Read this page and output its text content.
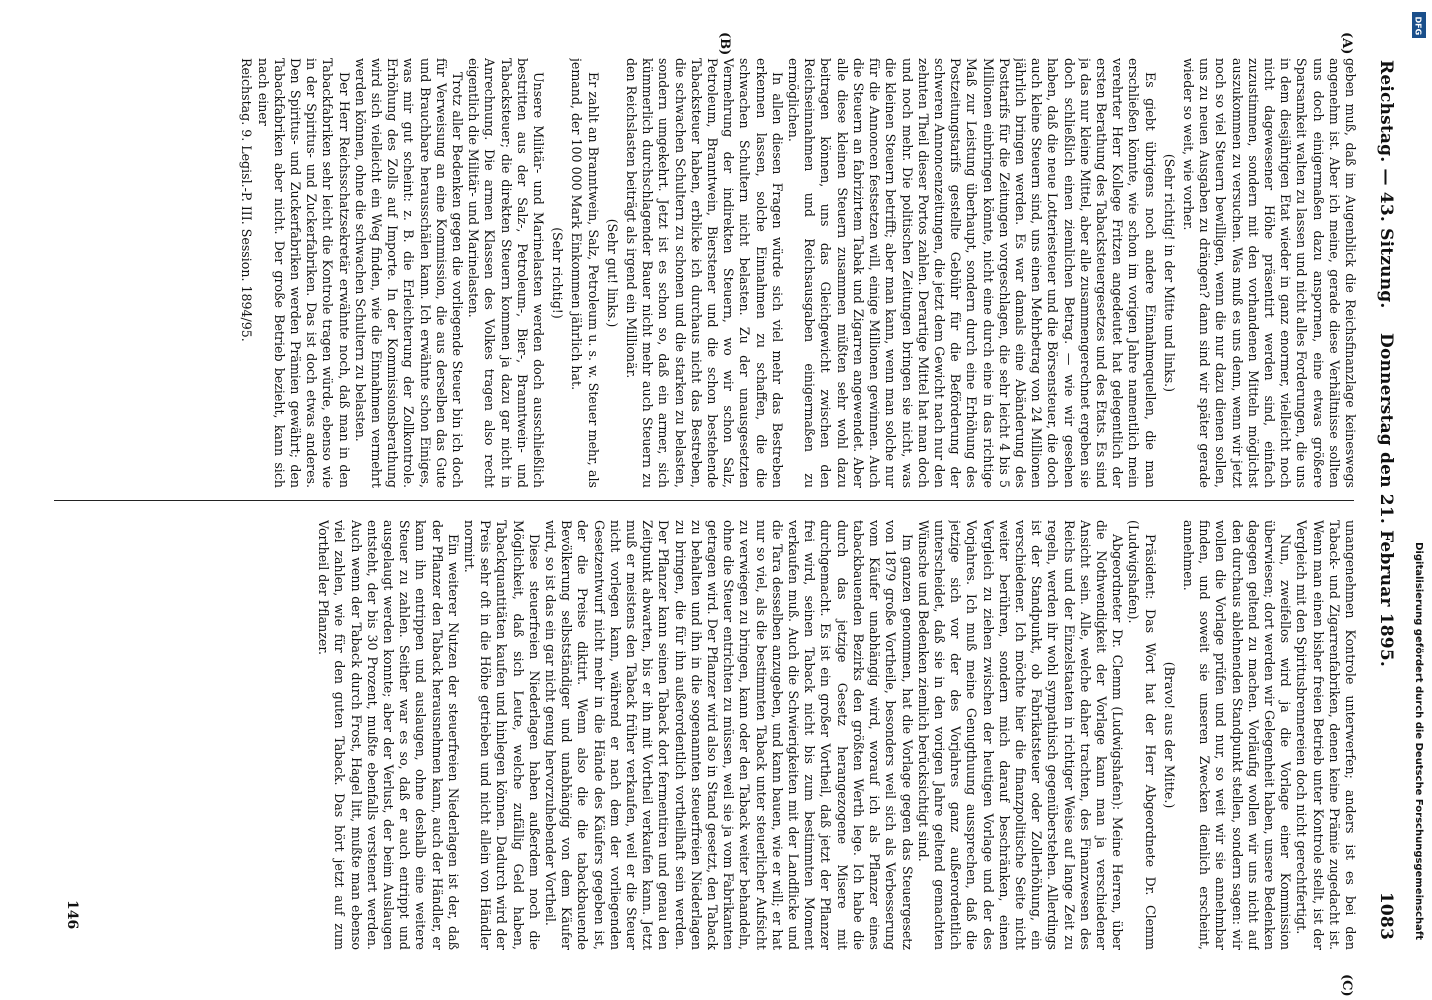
Reichstag. — 43. Sitzung.
Donnerstag den 21. Februar 1895.
1083
(A)
(B)
(C)

geben muß, daß im Augenblick die Reichsfinanzlage keineswegs angenehm ist. Aber ich meine, gerade diese Verhältnisse sollten uns doch einigermaßen dazu anspornen, eine etwas größere Sparsamkeit walten zu lassen und nicht alles Forderungen, die uns in dem diesjährigen Etat wieder in ganz enormer, vielleicht noch nicht dagewesener Höhe präsentirt werden sind, einfach zuzustimmen, sondern mit den vorhandenen Mitteln möglichst auszukommen zu versuchen. Was muß es uns denn, wenn wir jetzt noch so viel Steuern bewilligen, wenn die nur dazu dienen sollen, uns zu neuen Ausgaben zu drängen? dann sind wir später gerade wieder so weit, wie vorher.

(Sehr richtig! in der Mitte und links.)

Es giebt übrigens noch andere Einnahmequellen, die man erschließen könnte, wie schon im vorigen Jahre namentlich mein verehrter Herr Kollege Fritzen angedeutet hat gelegentlich der ersten Berathung des Tabacksteuergesetzes und des Etats. Es sind ja das nur kleine Mittel, aber alle zusammengerechnet ergeben sie doch schließlich einen ziemlichen Betrag. — wie wir gesehen haben, daß die neue Lotteriesteuer und die Börsensteuer, die doch auch kleine Steuern sind, uns einen Mehrbetrag von 24 Millionen jährlich bringen werden. Es war damals eine Abänderung des Posttarifs für die Zeitungen vorgeschlagen, die sehr leicht 4 bis 5 Millionen einbringen könnte, nicht eine durch eine in das richtige Maß zur Leistung überhaupt, sondern durch eine Erhöhung des Postzeitungstarifs gestellte Gebühr für die Beförderung der schweren Annoncenzeitungen, die jetzt dem Gewicht nach nur den zehnten Theil dieser Portos zahlen. Derartige Mittel hat man doch und noch mehr. Die politischen Zeitungen bringen sie nicht, was die kleinen Steuern betrifft; aber man kann, wenn man solche nur für die Annoncen festsetzen will, einige Millionen gewinnen. Auch die Steuern an fabrizirtem Tabak und Zigarren angewendet. Aber alle diese kleinen Steuern zusammen müßten sehr wohl dazu beitragen können, uns das Gleichgewicht zwischen den Reichseinnahmen und Reichsausgaben einigermaßen zu ermöglichen.

In allen diesen Fragen würde sich viel mehr das Bestreben erkennen lassen, solche Einnahmen zu schaffen, die die schwachen Schultern nicht belasten. Zu der unausgesetzten Vermehrung der indirekten Steuern, wo wir schon Salz, Petroleum, Branntwein, Bierstener und die schon bestehende Tabacksteuer haben, erblicke ich durchaus nicht das Bestreben, die schwachen Schultern zu schonen und die starken zu belasten, sondern umgekehrt. Jetzt ist es schon so, daß ein armer, sich kümmerlich durchschlagender Bauer nicht mehr auch Steuern zu den Reichslasten beiträgt als irgend ein Millionär.

(Sehr gut! links.)

Er zahlt an Branntwein, Salz, Petroleum u. s. w. Steuer mehr, als jemand, der 100 000 Mark Einkommen jährlich hat.

(Sehr richtig!)

Unsere Militär- und Marinelasten werden doch ausschließlich bestritten aus der Salz-, Petroleum-, Bier-, Branntwein- und Tabacksteuer; die direkten Steuern kommen ja dazu gar nicht in Anrechnung. Die armen Klassen des Volkes tragen also recht eigentlich die Militär- und Marinelasten.

Trotz aller Bedenken gegen die vorliegende Steuer bin ich doch für Verweisung an eine Kommission, die aus derselben das Gute und Brauchbare herausschälen kann. Ich erwähnte schon Einiges, was mir gut scheint: z. B. die Erleichterung der Zollkontrole. Erhöhung des Zolls auf Importe. In der Kommissionsberathung wird sich vielleicht ein Weg finden, wie die Einnahmen vermehrt werden können, ohne die schwachen Schultern zu belasten.

Der Herr Reichsschatzsekretär erwähnte noch, daß man in den Tabackfabriken sehr leicht die Kontrole tragen würde, ebenso wie in der Spiritus- und Zuckerfabriken. Das ist doch etwas anderes. Den Spiritus- und Zuckerfabriken werden Prämien gewährt; den Tabackfabriken aber nicht. Der große Betrieb bezieht, kann sich nach einer

Reichstag. 9. Legisl.-P. III. Session. 1894/95.

unangenehmen Kontrole unterwerfen; anders ist es bei den Taback- und Zigarrenfabriken, denen keine Prämie zugedacht ist. Wenn man einen bisher freien Betrieb unter Kontrole stellt, ist der Vergleich mit den Spiritusbrennereien doch nicht gerechtfertigt.

Nun, zweifellos wird ja die Vorlage einer Kommission überwiesen; dort werden wir Gelegenheit haben, unsere Bedenken dagegen geltend zu machen. Vorläufig wollen wir uns nicht auf den durchaus ablehnenden Standpunkt stellen, sondern sagen: wir wollen die Vorlage prüfen und nur, so weit wir sie annehmbar finden, und soweit sie unseren Zwecken dienlich erscheint, annehmen.

(Bravo! aus der Mitte.)

Präsident: Das Wort hat der Herr Abgeordnete Dr. Clemm (Ludwigshafen).

Abgeordneter Dr. Clemm (Ludwigshafen): Meine Herren, über die Nothwendigkeit der Vorlage kann man ja verschiedener Ansicht sein. Alle, welche daher trachten, des Finanzwesen des Reichs und der Einzelstaaten in richtiger Weise auf lange Zeit zu regeln, werden ihr wohl sympathisch gegenüberstehen. Allerdings ist der Standpunkt, ob Fabrikatsteuer oder Zollerhöhung, ein verschiedener. Ich möchte hier die finanzpolitische Seite nicht weiter berühren, sondern mich darauf beschränken, einen Vergleich zu ziehen zwischen der heutigen Vorlage und der des Vorjahres. Ich muß meine Genugthuung aussprechen, daß die jetzige sich vor der des Vorjahres ganz außerordentlich unterscheidet, daß sie in den vorigen Jahre geltend gemachten Wünsche und Bedenken ziemlich berücksichtigt sind.

Im ganzen genommen, hat die Vorlage gegen das Steuergesetz von 1879 große Vortheile, besonders weil sich als Verbesserung vom Käufer unabhängig wird, worauf ich als Pflanzer eines tabackbauenden Bezirks den größten Werth lege. Ich habe die durch das jetzige Gesetz herangezogene Misere mit durchgemacht. Es ist ein großer Vortheil, daß jetzt der Pflanzer frei wird, seinen Taback nicht bis zum bestimmten Moment verkaufen muß. Auch die Schwierigkeiten mit der Landflicke und die Tara desselben anzugeben, und kann bauen, wie er will; er hat nur so viel, als die bestimmten Taback unter steuerlicher Aufsicht zu verwiegen zu bringen, kann oder den Taback weiter behandeln, ohne die Steuer entrichten zu müssen, weil sie ja vom Fabrikanten getragen wird. Der Pflanzer wird also in Stand gesetzt, den Taback zu behalten und ihn in die sogenannten steuerfreien Niederlagen zu bringen, die für ihn außerordentlich vortheilhaft sein werden. Der Pflanzer kann seinen Taback dort fermentiren und genau den Zeitpunkt abwarten, bis er ihn mit Vortheil verkaufen kann. Jetzt muß er meistens den Taback früher verkaufen, weil er die Steuer nicht vorlegen kann, während er nach dem der vorliegenden Gesetzentwurf nicht mehr in die Hände des Käufers gegeben ist, der die Preise diktirt. Wenn also die die tabackbauende Bevölkerung selbstständiger und unabhängig von dem Käufer wird, so ist das ein gar nicht genug hervorzuhebender Vortheil.

Diese steuerfreien Niederlagen haben außerdem noch die Möglichkeit, daß sich Leute, welche zufällig Geld haben, Tabackquantitäten kaufen und hinlegen können. Dadurch wird der Preis sehr oft in die Höhe getrieben und nicht allein von Händler normirt.

Ein weiterer Nutzen der steuerfreien Niederlagen ist der, daß der Pflanzer den Taback herausnehmen kann, auch der Händler, er kann ihn entrippen und auslaugen, ohne deshalb eine weitere Steuer zu zahlen. Seither war es so, daß er auch entrippt und ausgelaugt werden konnte; aber der Verlust, der beim Auslaugen entsteht, der bis 30 Prozent, mußte ebenfalls verstenert werden. Auch wenn der Taback durch Frost, Hagel litt, mußte man ebenso viel zahlen, wie für den guten Taback. Das hört jetzt auf zum Vortheil der Pflanzer.

146	Digitalisierung gefördert durch die Deutsche Forschungsgemeinschaft
DFG
